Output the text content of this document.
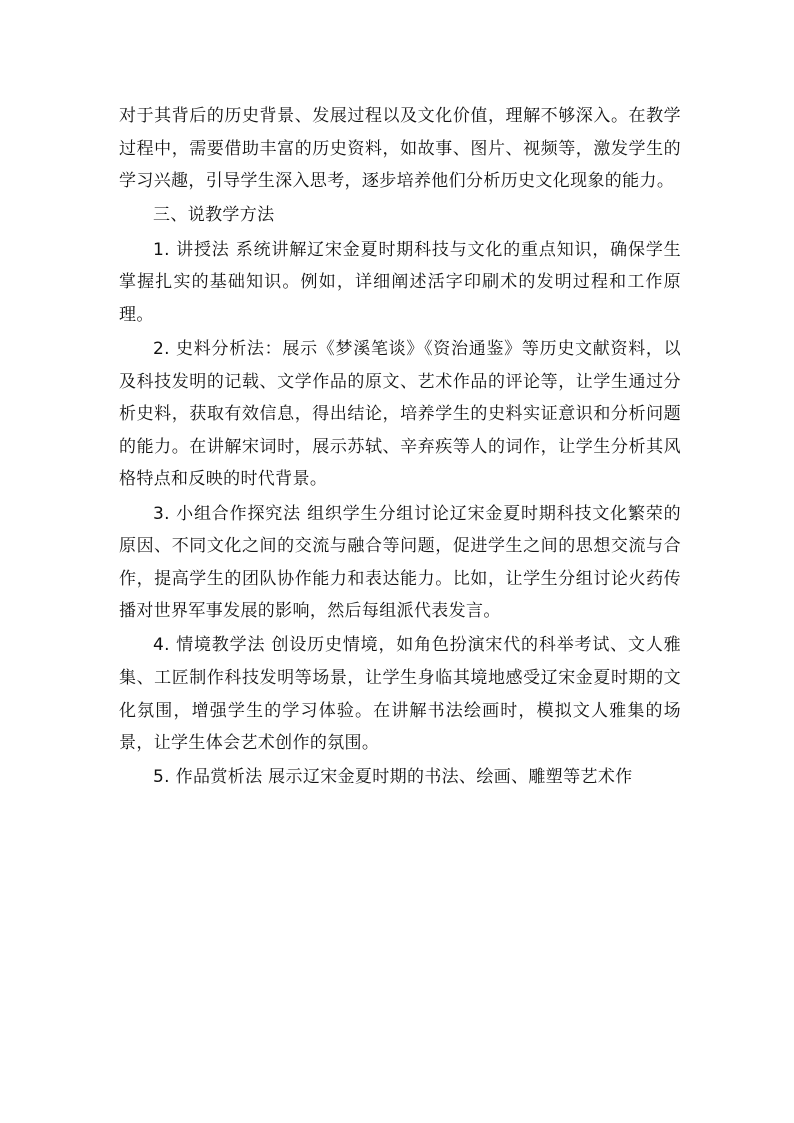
对于其背后的历史背景、发展过程以及文化价值，理解不够深入。在教学过程中，需要借助丰富的历史资料，如故事、图片、视频等，激发学生的学习兴趣，引导学生深入思考，逐步培养他们分析历史文化现象的能力。

三、说教学方法

1. 讲授法 系统讲解辽宋金夏时期科技与文化的重点知识，确保学生掌握扎实的基础知识。例如，详细阐述活字印刷术的发明过程和工作原理。

2. 史料分析法：展示《梦溪笔谈》《资治通鉴》等历史文献资料，以及科技发明的记载、文学作品的原文、艺术作品的评论等，让学生通过分析史料，获取有效信息，得出结论，培养学生的史料实证意识和分析问题的能力。在讲解宋词时，展示苏轼、辛弃疾等人的词作，让学生分析其风格特点和反映的时代背景。

3. 小组合作探究法 组织学生分组讨论辽宋金夏时期科技文化繁荣的原因、不同文化之间的交流与融合等问题，促进学生之间的思想交流与合作，提高学生的团队协作能力和表达能力。比如，让学生分组讨论火药传播对世界军事发展的影响，然后每组派代表发言。

4. 情境教学法 创设历史情境，如角色扮演宋代的科举考试、文人雅集、工匠制作科技发明等场景，让学生身临其境地感受辽宋金夏时期的文化氛围，增强学生的学习体验。在讲解书法绘画时，模拟文人雅集的场景，让学生体会艺术创作的氛围。

5. 作品赏析法 展示辽宋金夏时期的书法、绘画、雕塑等艺术作
